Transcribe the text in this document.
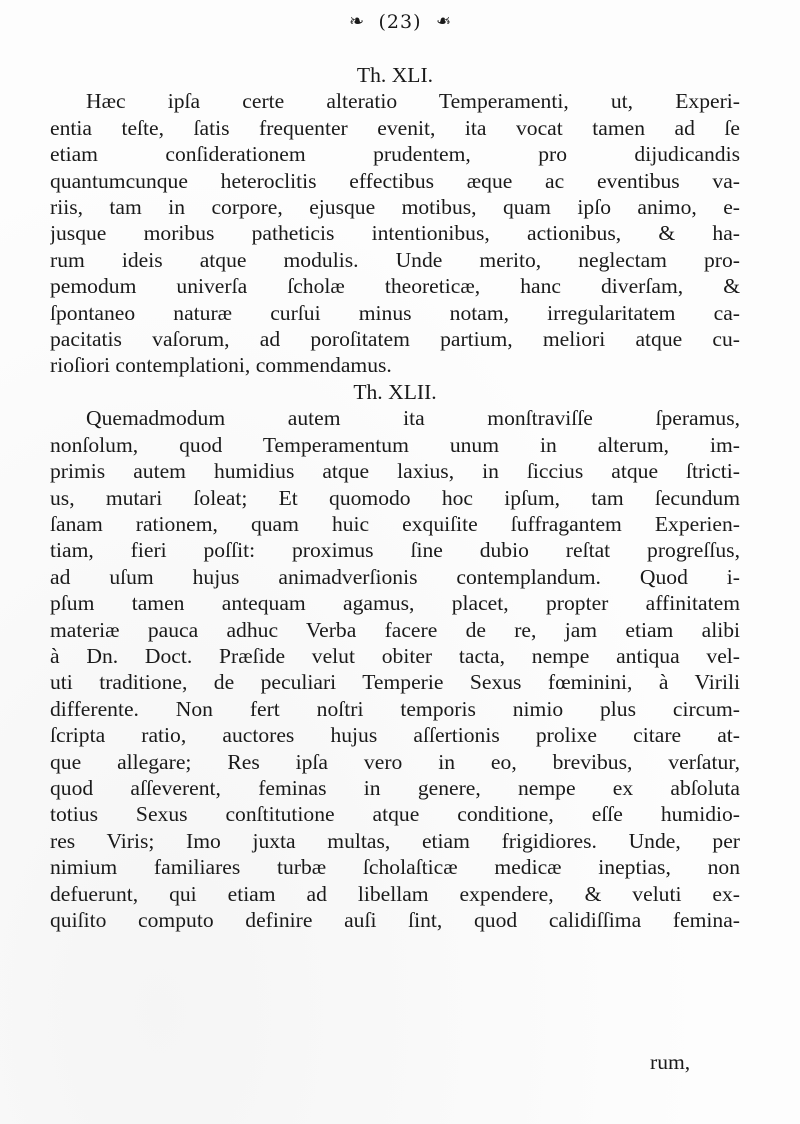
❧ (23) ❧
Th. XLI.
Hæc ipſa certe alteratio Temperamenti, ut, Experi-
entia teſte, ſatis frequenter evenit, ita vocat tamen ad ſe
etiam conſiderationem prudentem, pro dijudicandis
quantumcunque heteroclitis effectibus æque ac eventibus va-
riis, tam in corpore, ejusque motibus, quam ipſo animo, e-
jusque moribus patheticis intentionibus, actionibus, & ha-
rum ideis atque modulis. Unde merito, neglectam pro-
pemodum univerſa ſcholæ theoreticæ, hanc diverſam, &
ſpontaneo naturæ curſui minus notam, irregularitatem ca-
pacitatis vaſorum, ad poroſitatem partium, meliori atque cu-
rioſiori contemplationi, commendamus.
Th. XLII.
Quemadmodum autem ita monſtraviſſe ſperamus,
nonſolum, quod Temperamentum unum in alterum, im-
primis autem humidius atque laxius, in ſiccius atque ſtricti-
us, mutari ſoleat; Et quomodo hoc ipſum, tam ſecundum
ſanam rationem, quam huic exquiſite ſuffragantem Experien-
tiam, fieri poſſit: proximus ſine dubio reſtat progreſſus,
ad uſum hujus animadverſionis contemplandum. Quod i-
pſum tamen antequam agamus, placet, propter affinitatem
materiæ pauca adhuc Verba facere de re, jam etiam alibi
à Dn. Doct. Præſide velut obiter tacta, nempe antiqua vel-
uti traditione, de peculiari Temperie Sexus fœminini, à Virili
differente. Non fert noſtri temporis nimio plus circum-
ſcripta ratio, auctores hujus aſſertionis prolixe citare at-
que allegare; Res ipſa vero in eo, brevibus, verſatur,
quod aſſeverent, feminas in genere, nempe ex abſoluta
totius Sexus conſtitutione atque conditione, eſſe humidio-
res Viris; Imo juxta multas, etiam frigidiores. Unde, per
nimium familiares turbæ ſcholaſticæ medicæ ineptias, non
defuerunt, qui etiam ad libellam expendere, & veluti ex-
quiſito computo definire auſi ſint, quod calidiſſima femina-
rum,
